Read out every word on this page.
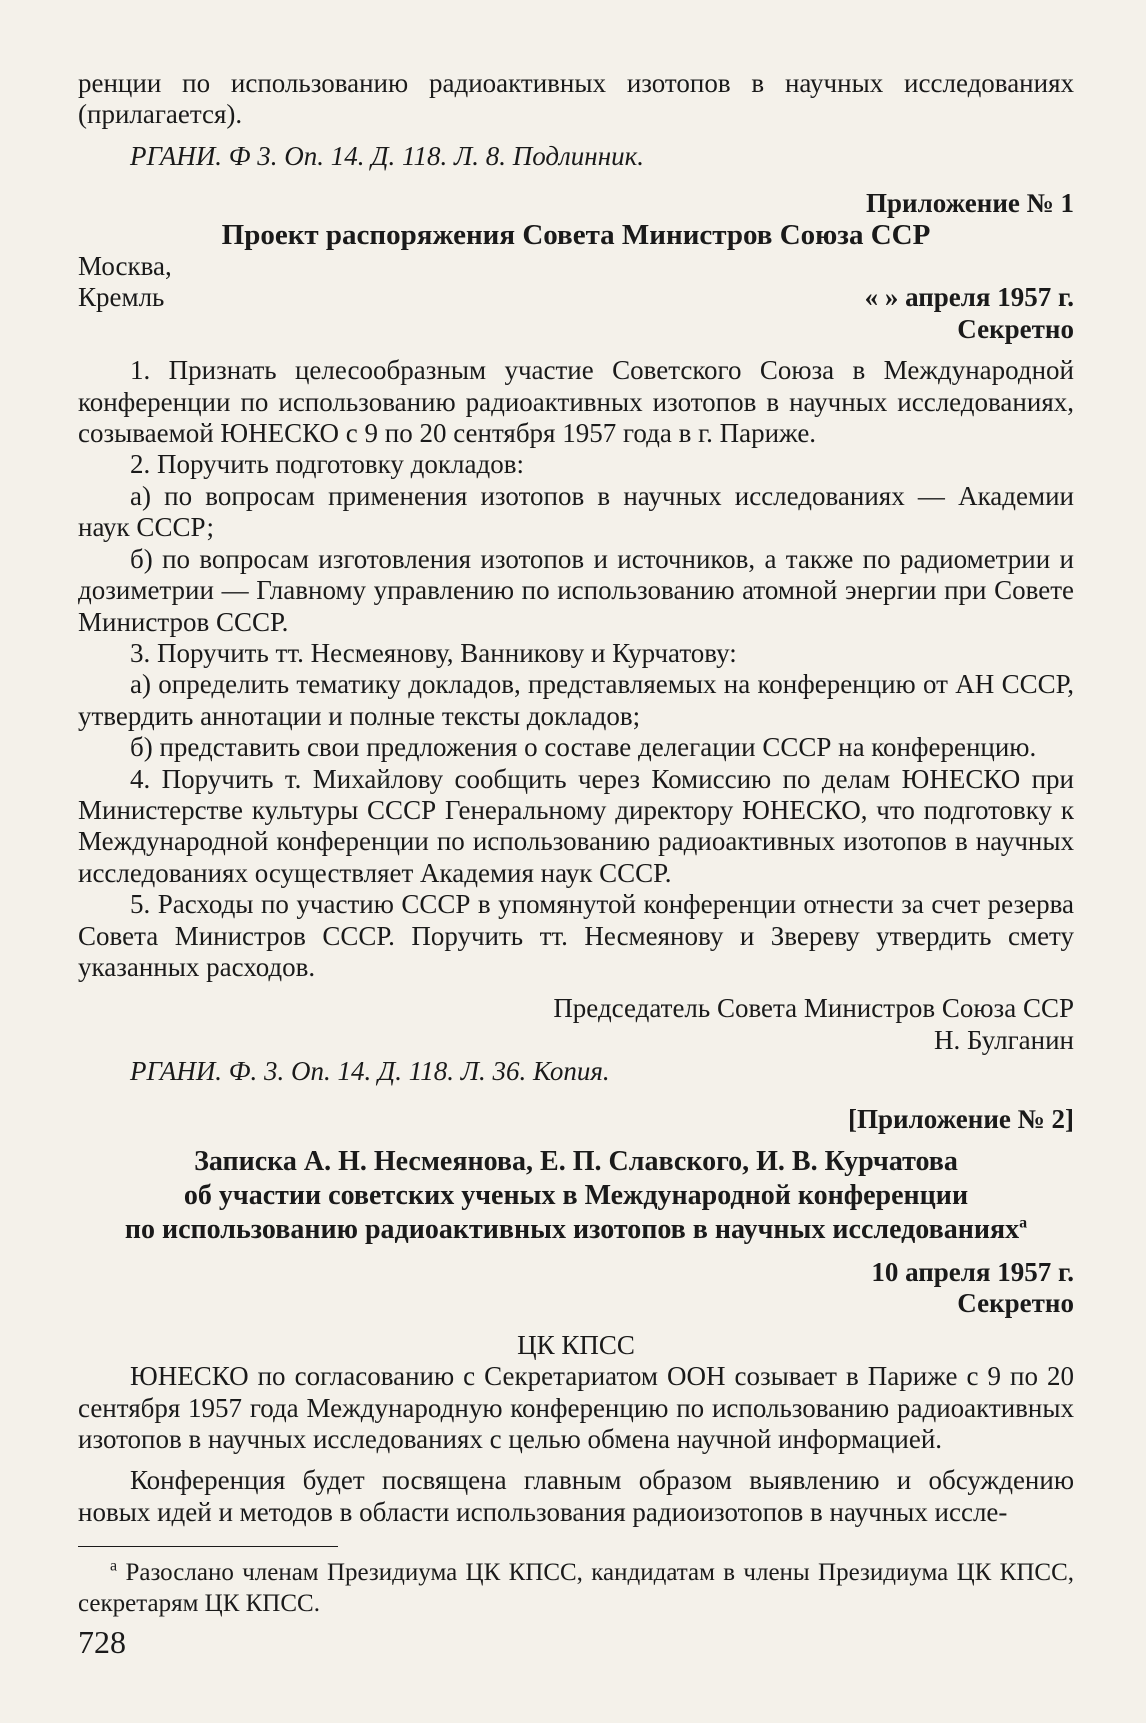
ренции по использованию радиоактивных изотопов в научных исследованиях (прилагается).

РГАНИ. Ф 3. Оп. 14. Д. 118. Л. 8. Подлинник.

Приложение № 1

Проект распоряжения Совета Министров Союза ССР

Москва,

Кремль	« » апреля 1957 г.

Секретно

1. Признать целесообразным участие Советского Союза в Международной конференции по использованию радиоактивных изотопов в научных исследованиях, созываемой ЮНЕСКО с 9 по 20 сентября 1957 года в г. Париже.

2. Поручить подготовку докладов:

а) по вопросам применения изотопов в научных исследованиях — Академии наук СССР;

б) по вопросам изготовления изотопов и источников, а также по радиометрии и дозиметрии — Главному управлению по использованию атомной энергии при Совете Министров СССР.

3. Поручить тт. Несмеянову, Ванникову и Курчатову:

а) определить тематику докладов, представляемых на конференцию от АН СССР, утвердить аннотации и полные тексты докладов;

б) представить свои предложения о составе делегации СССР на конференцию.

4. Поручить т. Михайлову сообщить через Комиссию по делам ЮНЕСКО при Министерстве культуры СССР Генеральному директору ЮНЕСКО, что подготовку к Международной конференции по использованию радиоактивных изотопов в научных исследованиях осуществляет Академия наук СССР.

5. Расходы по участию СССР в упомянутой конференции отнести за счет резерва Совета Министров СССР. Поручить тт. Несмеянову и Звереву утвердить смету указанных расходов.

Председатель Совета Министров Союза ССР

Н. Булганин

РГАНИ. Ф. 3. Оп. 14. Д. 118. Л. 36. Копия.

[Приложение № 2]

Записка А. Н. Несмеянова, Е. П. Славского, И. В. Курчатова

об участии советских ученых в Международной конференции

по использованию радиоактивных изотопов в научных исследованиях$^а$

10 апреля 1957 г.

Секретно

ЦК КПСС

ЮНЕСКО по согласованию с Секретариатом ООН созывает в Париже с 9 по 20 сентября 1957 года Международную конференцию по использованию радиоактивных изотопов в научных исследованиях с целью обмена научной информацией.

Конференция будет посвящена главным образом выявлению и обсуждению новых идей и методов в области использования радиоизотопов в научных иссле-

$^а$ Разослано членам Президиума ЦК КПСС, кандидатам в члены Президиума ЦК КПСС, секретарям ЦК КПСС.

728
